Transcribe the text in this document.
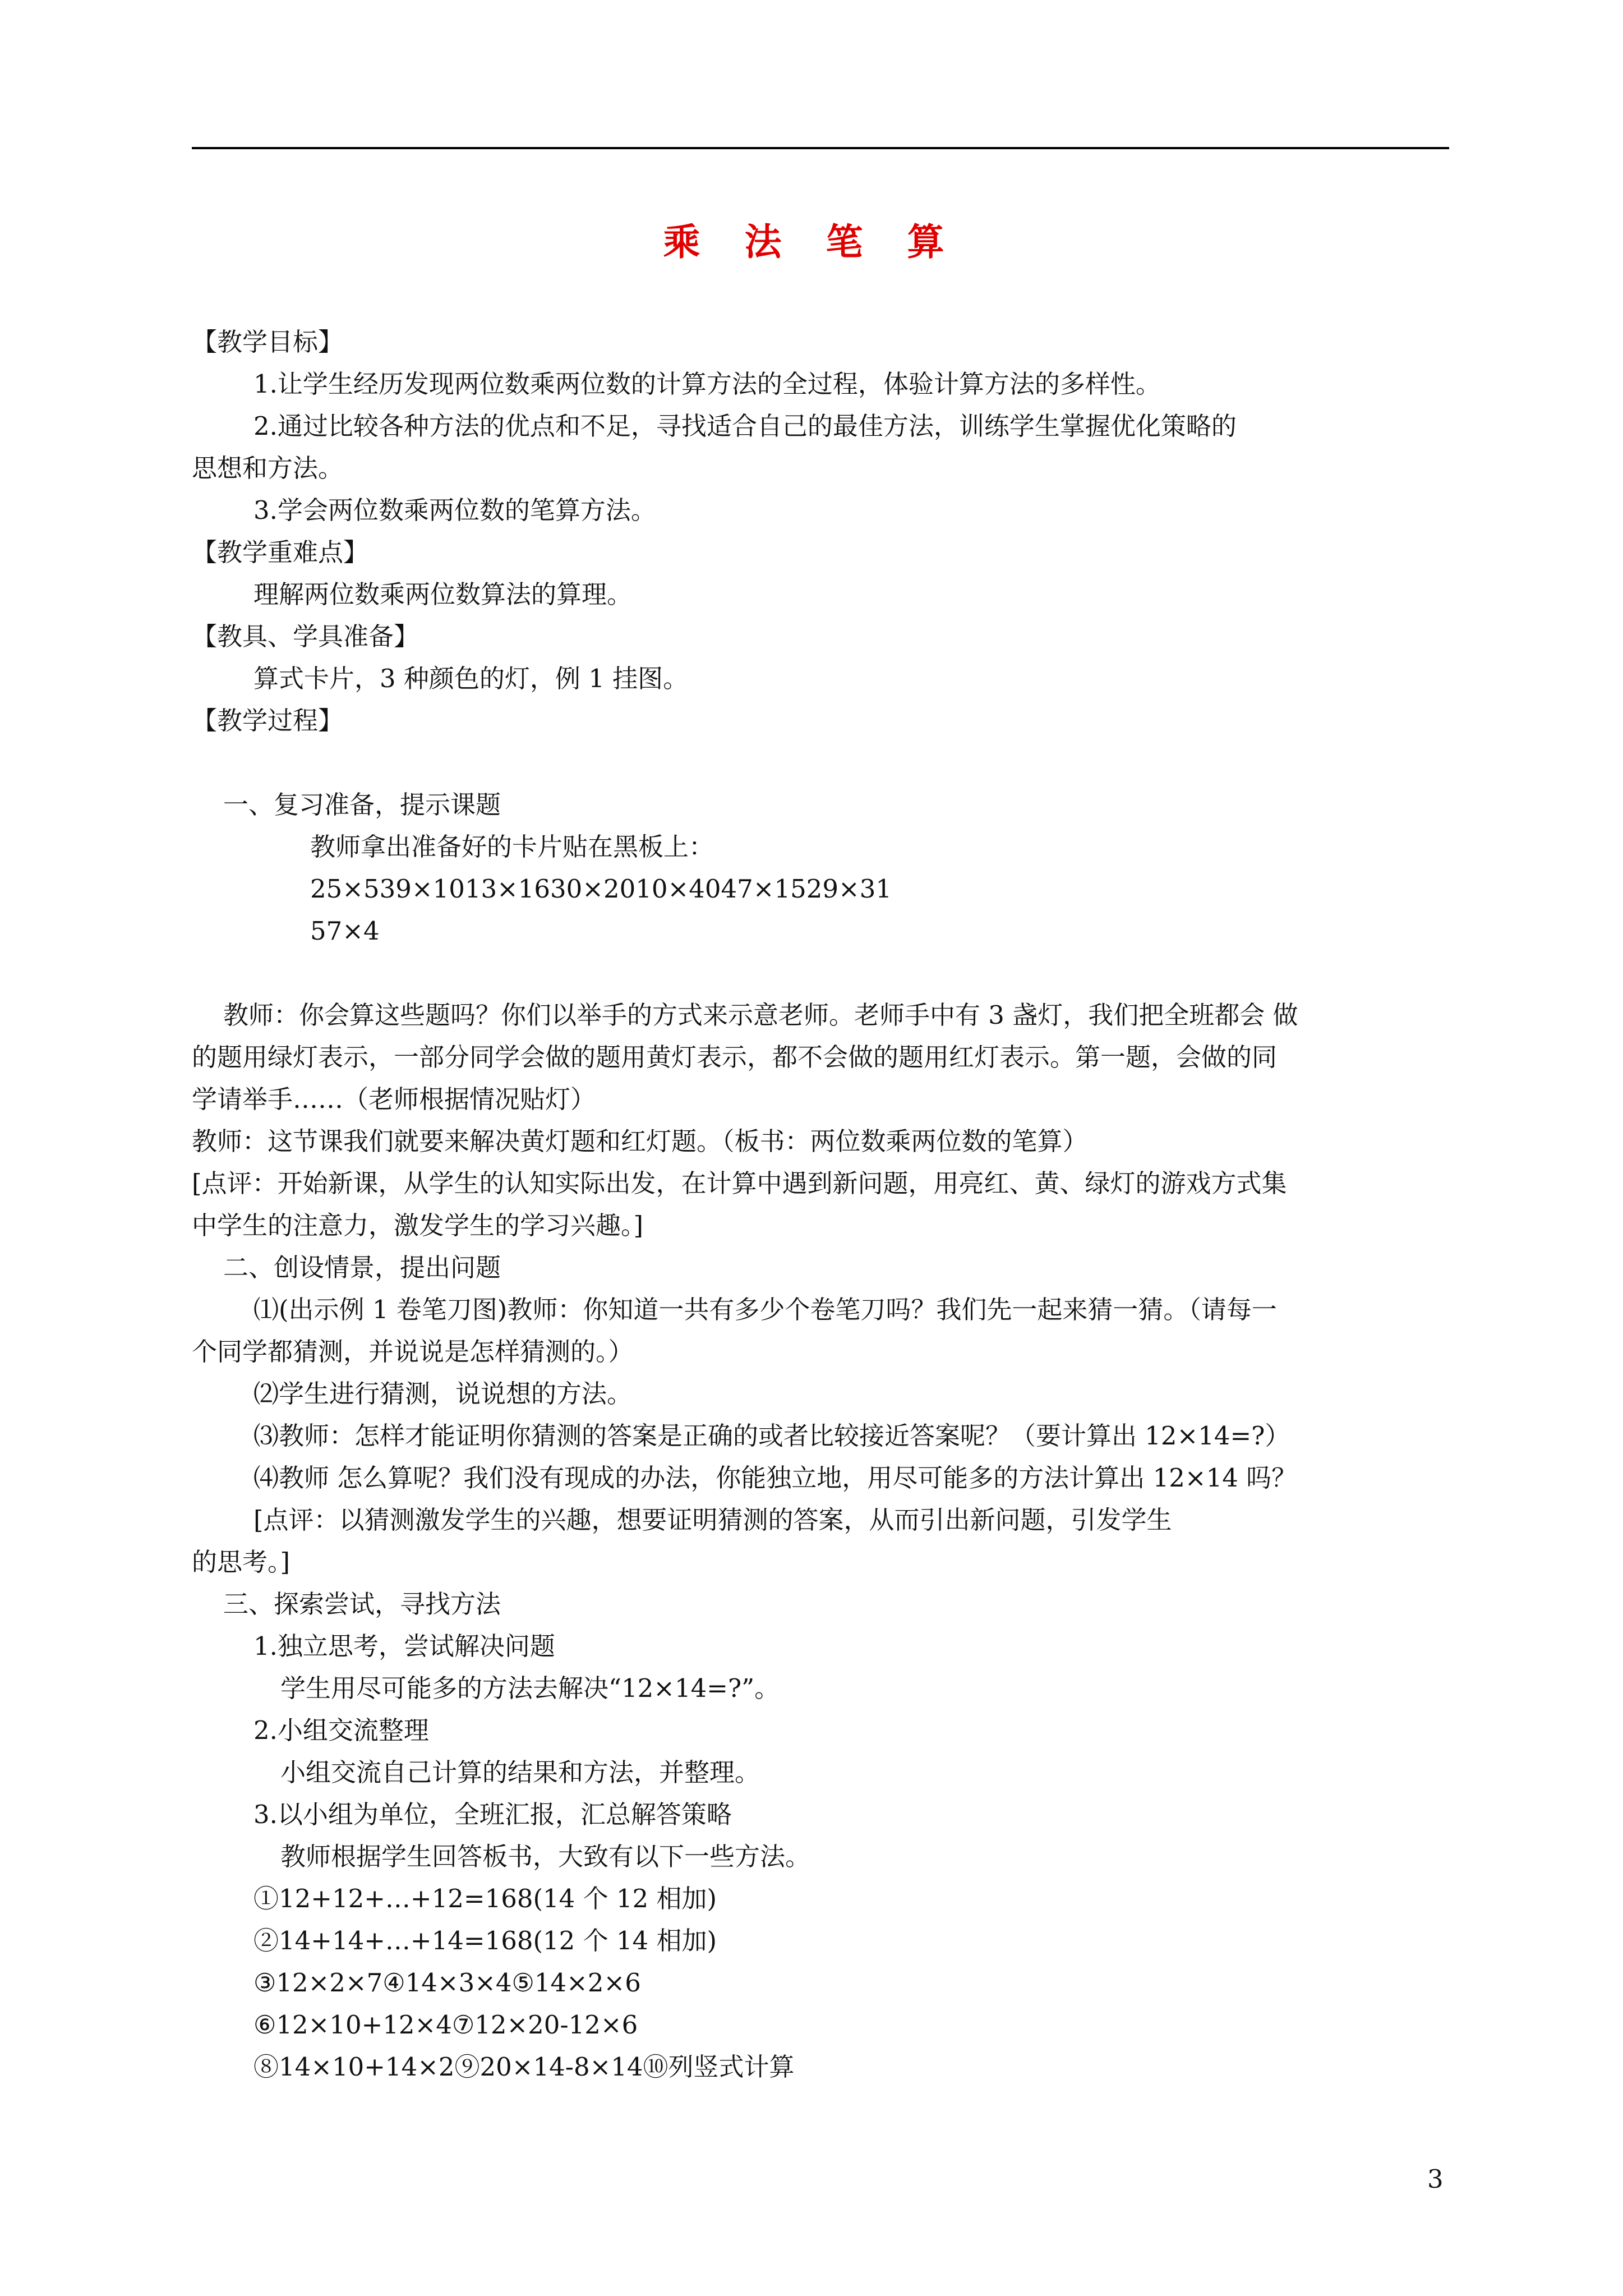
乘 法 笔 算
【教学目标】
1.让学生经历发现两位数乘两位数的计算方法的全过程，体验计算方法的多样性。
2.通过比较各种方法的优点和不足，寻找适合自己的最佳方法，训练学生掌握优化策略的
思想和方法。
3.学会两位数乘两位数的笔算方法。
【教学重难点】
理解两位数乘两位数算法的算理。
【教具、学具准备】
算式卡片，3 种颜色的灯，例 1 挂图。
【教学过程】
一、复习准备，提示课题
教师拿出准备好的卡片贴在黑板上：
25×539×1013×1630×2010×4047×1529×31
57×4
教师：你会算这些题吗？你们以举手的方式来示意老师。老师手中有 3 盏灯，我们把全班都会 做
的题用绿灯表示，一部分同学会做的题用黄灯表示，都不会做的题用红灯表示。第一题，会做的同
学请举手……（老师根据情况贴灯）
教师：这节课我们就要来解决黄灯题和红灯题。（板书：两位数乘两位数的笔算）
[点评：开始新课，从学生的认知实际出发，在计算中遇到新问题，用亮红、黄、绿灯的游戏方式集
中学生的注意力，激发学生的学习兴趣。]
二、创设情景，提出问题
⑴(出示例 1 卷笔刀图)教师：你知道一共有多少个卷笔刀吗？我们先一起来猜一猜。（请每一
个同学都猜测，并说说是怎样猜测的。）
⑵学生进行猜测，说说想的方法。
⑶教师：怎样才能证明你猜测的答案是正确的或者比较接近答案呢？（要计算出 12×14=?）
⑷教师 怎么算呢？我们没有现成的办法，你能独立地，用尽可能多的方法计算出 12×14 吗？
[点评：以猜测激发学生的兴趣，想要证明猜测的答案，从而引出新问题，引发学生
的思考。]
三、探索尝试，寻找方法
1.独立思考，尝试解决问题
学生用尽可能多的方法去解决“12×14=?”。
2.小组交流整理
小组交流自己计算的结果和方法，并整理。
3.以小组为单位，全班汇报，汇总解答策略
教师根据学生回答板书，大致有以下一些方法。
①12+12+…+12=168(14 个 12 相加)
②14+14+…+14=168(12 个 14 相加)
③12×2×7④14×3×4⑤14×2×6
⑥12×10+12×4⑦12×20-12×6
⑧14×10+14×2⑨20×14-8×14⑩列竖式计算
3
